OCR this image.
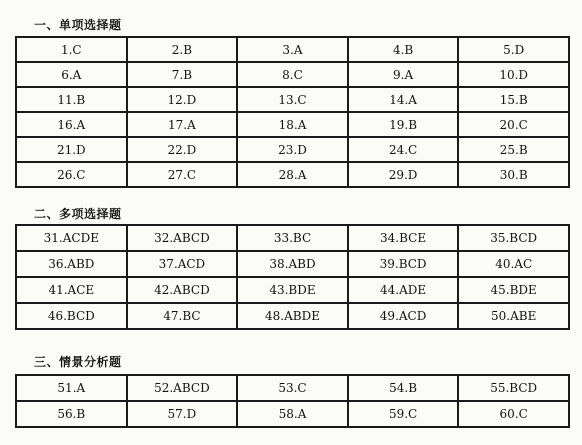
一、单项选择题
1.C	2.B	3.A	4.B	5.D
6.A	7.B	8.C	9.A	10.D
11.B	12.D	13.C	14.A	15.B
16.A	17.A	18.A	19.B	20.C
21.D	22.D	23.D	24.C	25.B
26.C	27.C	28.A	29.D	30.B
二、多项选择题
31.ACDE	32.ABCD	33.BC	34.BCE	35.BCD
36.ABD	37.ACD	38.ABD	39.BCD	40.AC
41.ACE	42.ABCD	43.BDE	44.ADE	45.BDE
46.BCD	47.BC	48.ABDE	49.ACD	50.ABE
三、情景分析题
51.A	52.ABCD	53.C	54.B	55.BCD
56.B	57.D	58.A	59.C	60.C
